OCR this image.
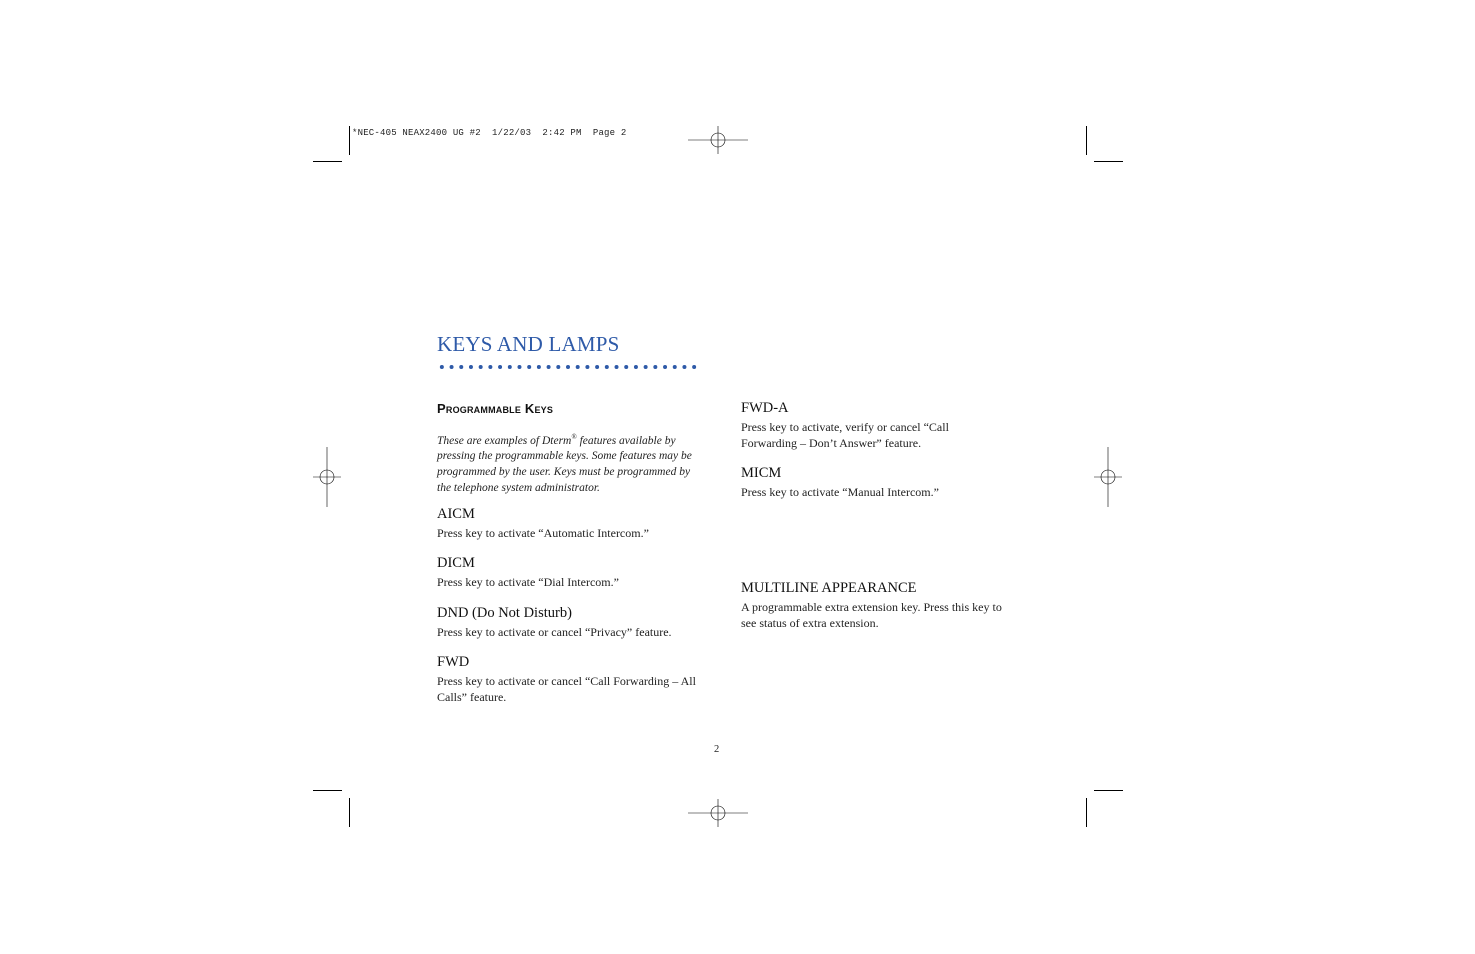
*NEC-405 NEAX2400 UG #2  1/22/03  2:42 PM  Page 2
KEYS AND LAMPS
Programmable Keys
These are examples of Dterm® features available by pressing the programmable keys. Some features may be programmed by the user. Keys must be programmed by the telephone system administrator.

AICM

Press key to activate “Automatic Intercom.”

DICM

Press key to activate “Dial Intercom.”

DND (Do Not Disturb)

Press key to activate or cancel “Privacy” feature.

FWD

Press key to activate or cancel “Call Forwarding – All Calls” feature.

FWD-A

Press key to activate, verify or cancel “Call Forwarding – Don’t Answer” feature.

MICM

Press key to activate “Manual Intercom.”

MULTILINE APPEARANCE

A programmable extra extension key. Press this key to see status of extra extension.

2
